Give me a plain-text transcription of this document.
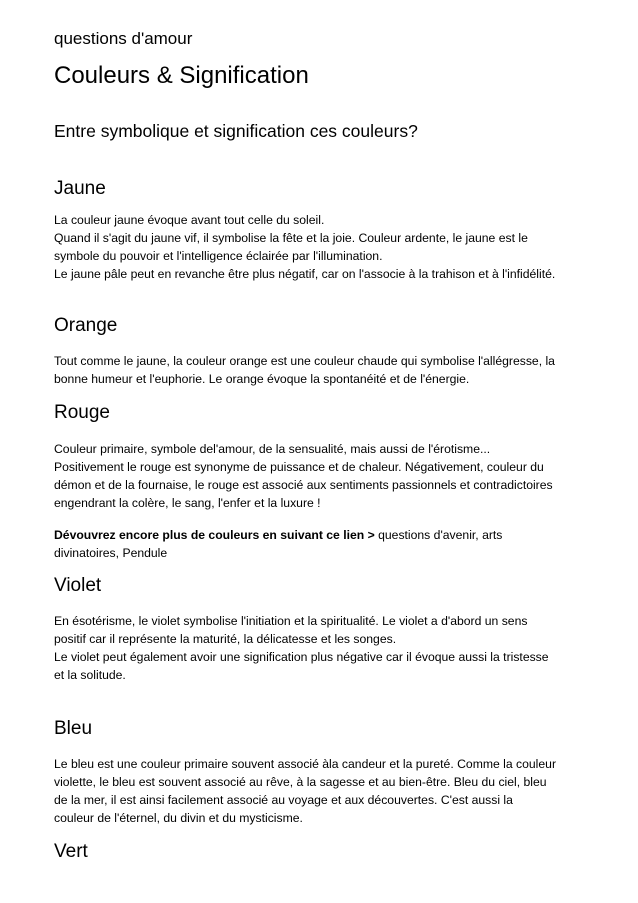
questions d'amour
Couleurs & Signification
Entre symbolique et signification ces couleurs?
Jaune
La couleur jaune évoque avant tout celle du soleil.
Quand il s'agit du jaune vif, il symbolise la fête et la joie. Couleur ardente, le jaune est le
symbole du pouvoir et l'intelligence éclairée par l'illumination.
Le jaune pâle peut en revanche être plus négatif, car on l'associe à la trahison et à l'infidélité.
Orange
Tout comme le jaune, la couleur orange est une couleur chaude qui symbolise l'allégresse, la
bonne humeur et l'euphorie. Le orange évoque la spontanéité et de l'énergie.
Rouge
Couleur primaire, symbole del'amour, de la sensualité, mais aussi de l'érotisme...
Positivement le rouge est synonyme de puissance et de chaleur. Négativement, couleur du
démon et de la fournaise, le rouge est associé aux sentiments passionnels et contradictoires
engendrant la colère, le sang, l'enfer et la luxure !
Dévouvrez encore plus de couleurs en suivant ce lien > questions d'avenir, arts
divinatoires, Pendule
Violet
En ésotérisme, le violet symbolise l'initiation et la spiritualité. Le violet a d'abord un sens
positif car il représente la maturité, la délicatesse et les songes.
Le violet peut également avoir une signification plus négative car il évoque aussi la tristesse
et la solitude.
Bleu
Le bleu est une couleur primaire souvent associé àla candeur et la pureté. Comme la couleur
violette, le bleu est souvent associé au rêve, à la sagesse et au bien-être. Bleu du ciel, bleu
de la mer, il est ainsi facilement associé au voyage et aux découvertes. C'est aussi la
couleur de l'éternel, du divin et du mysticisme.
Vert
